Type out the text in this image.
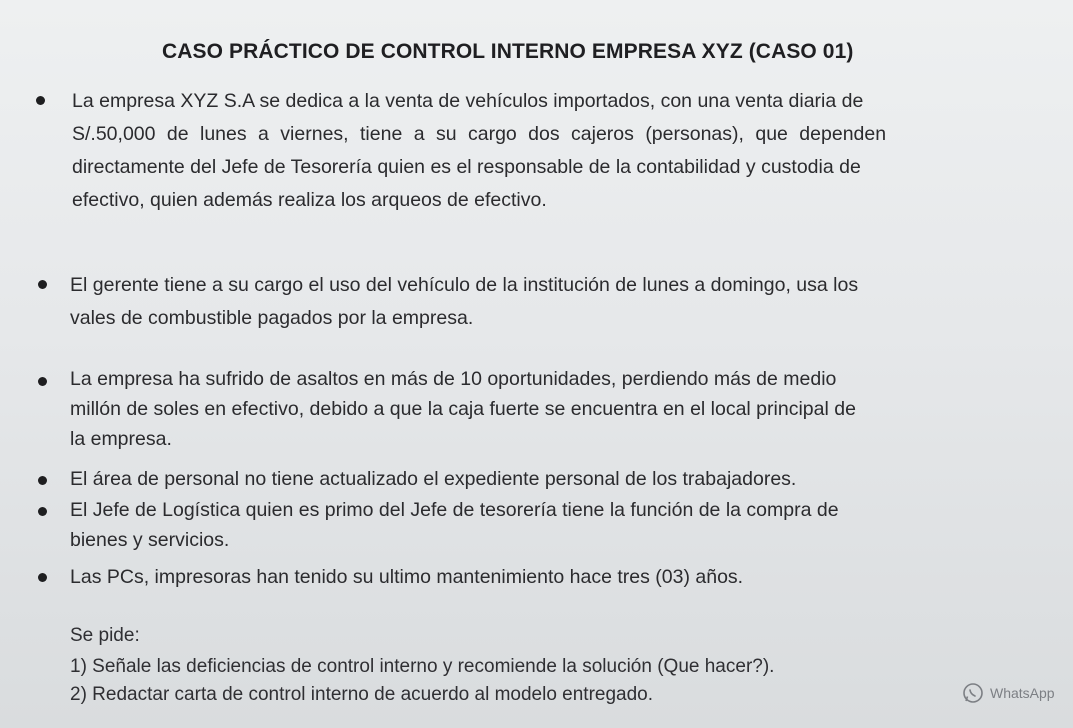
CASO PRÁCTICO DE CONTROL INTERNO EMPRESA XYZ (CASO 01)
La empresa XYZ S.A se dedica a la venta de vehículos importados, con una venta diaria de
S/.50,000 de lunes a viernes, tiene a su cargo dos cajeros (personas), que dependen
directamente del Jefe de Tesorería quien es el responsable de la contabilidad y custodia de
efectivo, quien además realiza los arqueos de efectivo.
El gerente tiene a su cargo el uso del vehículo de la institución de lunes a domingo, usa los
vales de combustible pagados por la empresa.
La empresa ha sufrido de asaltos en más de 10 oportunidades, perdiendo más de medio
millón de soles en efectivo, debido a que la caja fuerte se encuentra en el local principal de
la empresa.
El área de personal no tiene actualizado el expediente personal de los trabajadores.
El Jefe de Logística quien es primo del Jefe de tesorería tiene la función de la compra de
bienes y servicios.
Las PCs, impresoras han tenido su ultimo mantenimiento hace tres (03) años.
Se pide:
1) Señale las deficiencias de control interno y recomiende la solución (Que hacer?).
2) Redactar carta de control interno de acuerdo al modelo entregado.	WhatsApp
